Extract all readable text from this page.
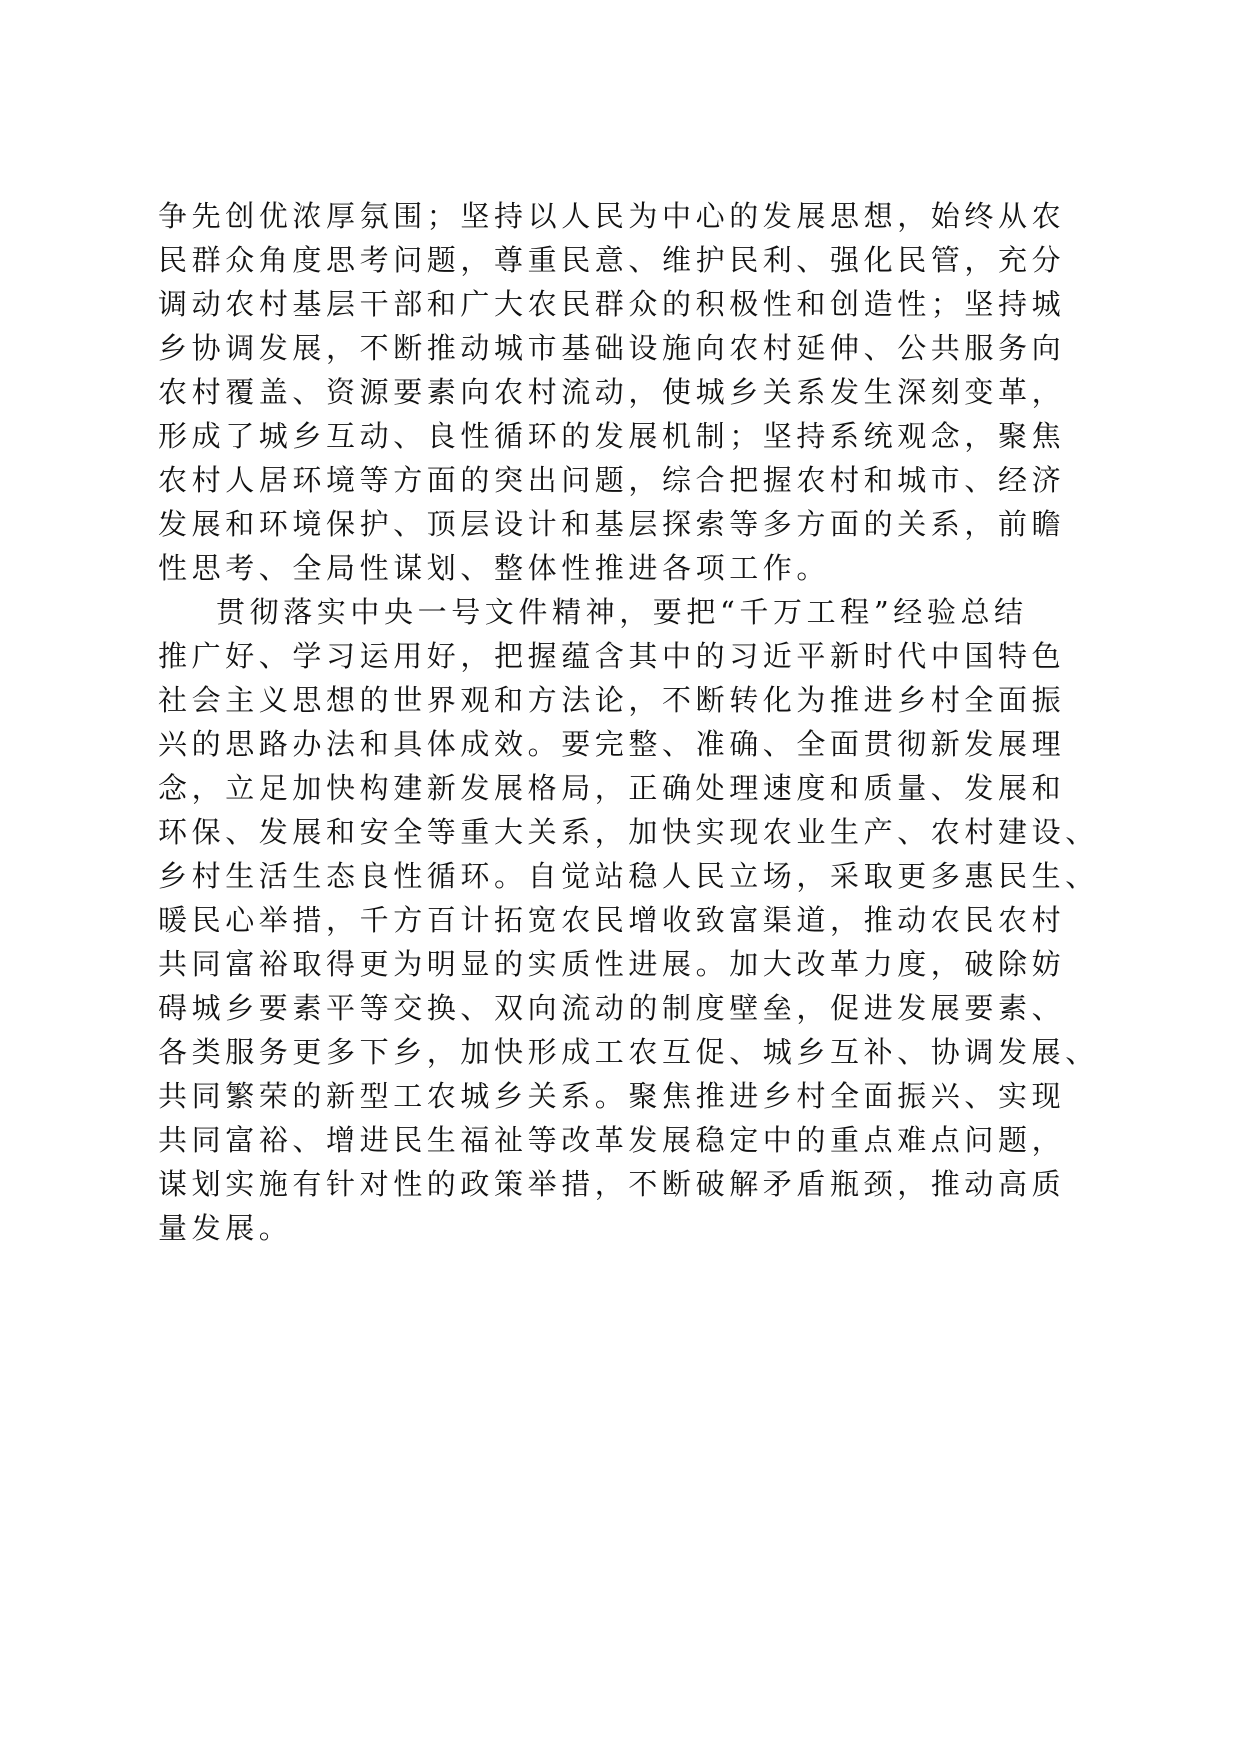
争先创优浓厚氛围；坚持以人民为中心的发展思想，始终从农
民群众角度思考问题，尊重民意、维护民利、强化民管，充分
调动农村基层干部和广大农民群众的积极性和创造性；坚持城
乡协调发展，不断推动城市基础设施向农村延伸、公共服务向
农村覆盖、资源要素向农村流动，使城乡关系发生深刻变革，
形成了城乡互动、良性循环的发展机制；坚持系统观念，聚焦
农村人居环境等方面的突出问题，综合把握农村和城市、经济
发展和环境保护、顶层设计和基层探索等多方面的关系，前瞻
性思考、全局性谋划、整体性推进各项工作。
贯彻落实中央一号文件精神，要把“千万工程”经验总结
推广好、学习运用好，把握蕴含其中的习近平新时代中国特色
社会主义思想的世界观和方法论，不断转化为推进乡村全面振
兴的思路办法和具体成效。要完整、准确、全面贯彻新发展理
念，立足加快构建新发展格局，正确处理速度和质量、发展和
环保、发展和安全等重大关系，加快实现农业生产、农村建设、
乡村生活生态良性循环。自觉站稳人民立场，采取更多惠民生、
暖民心举措，千方百计拓宽农民增收致富渠道，推动农民农村
共同富裕取得更为明显的实质性进展。加大改革力度，破除妨
碍城乡要素平等交换、双向流动的制度壁垒，促进发展要素、
各类服务更多下乡，加快形成工农互促、城乡互补、协调发展、
共同繁荣的新型工农城乡关系。聚焦推进乡村全面振兴、实现
共同富裕、增进民生福祉等改革发展稳定中的重点难点问题，
谋划实施有针对性的政策举措，不断破解矛盾瓶颈，推动高质
量发展。
